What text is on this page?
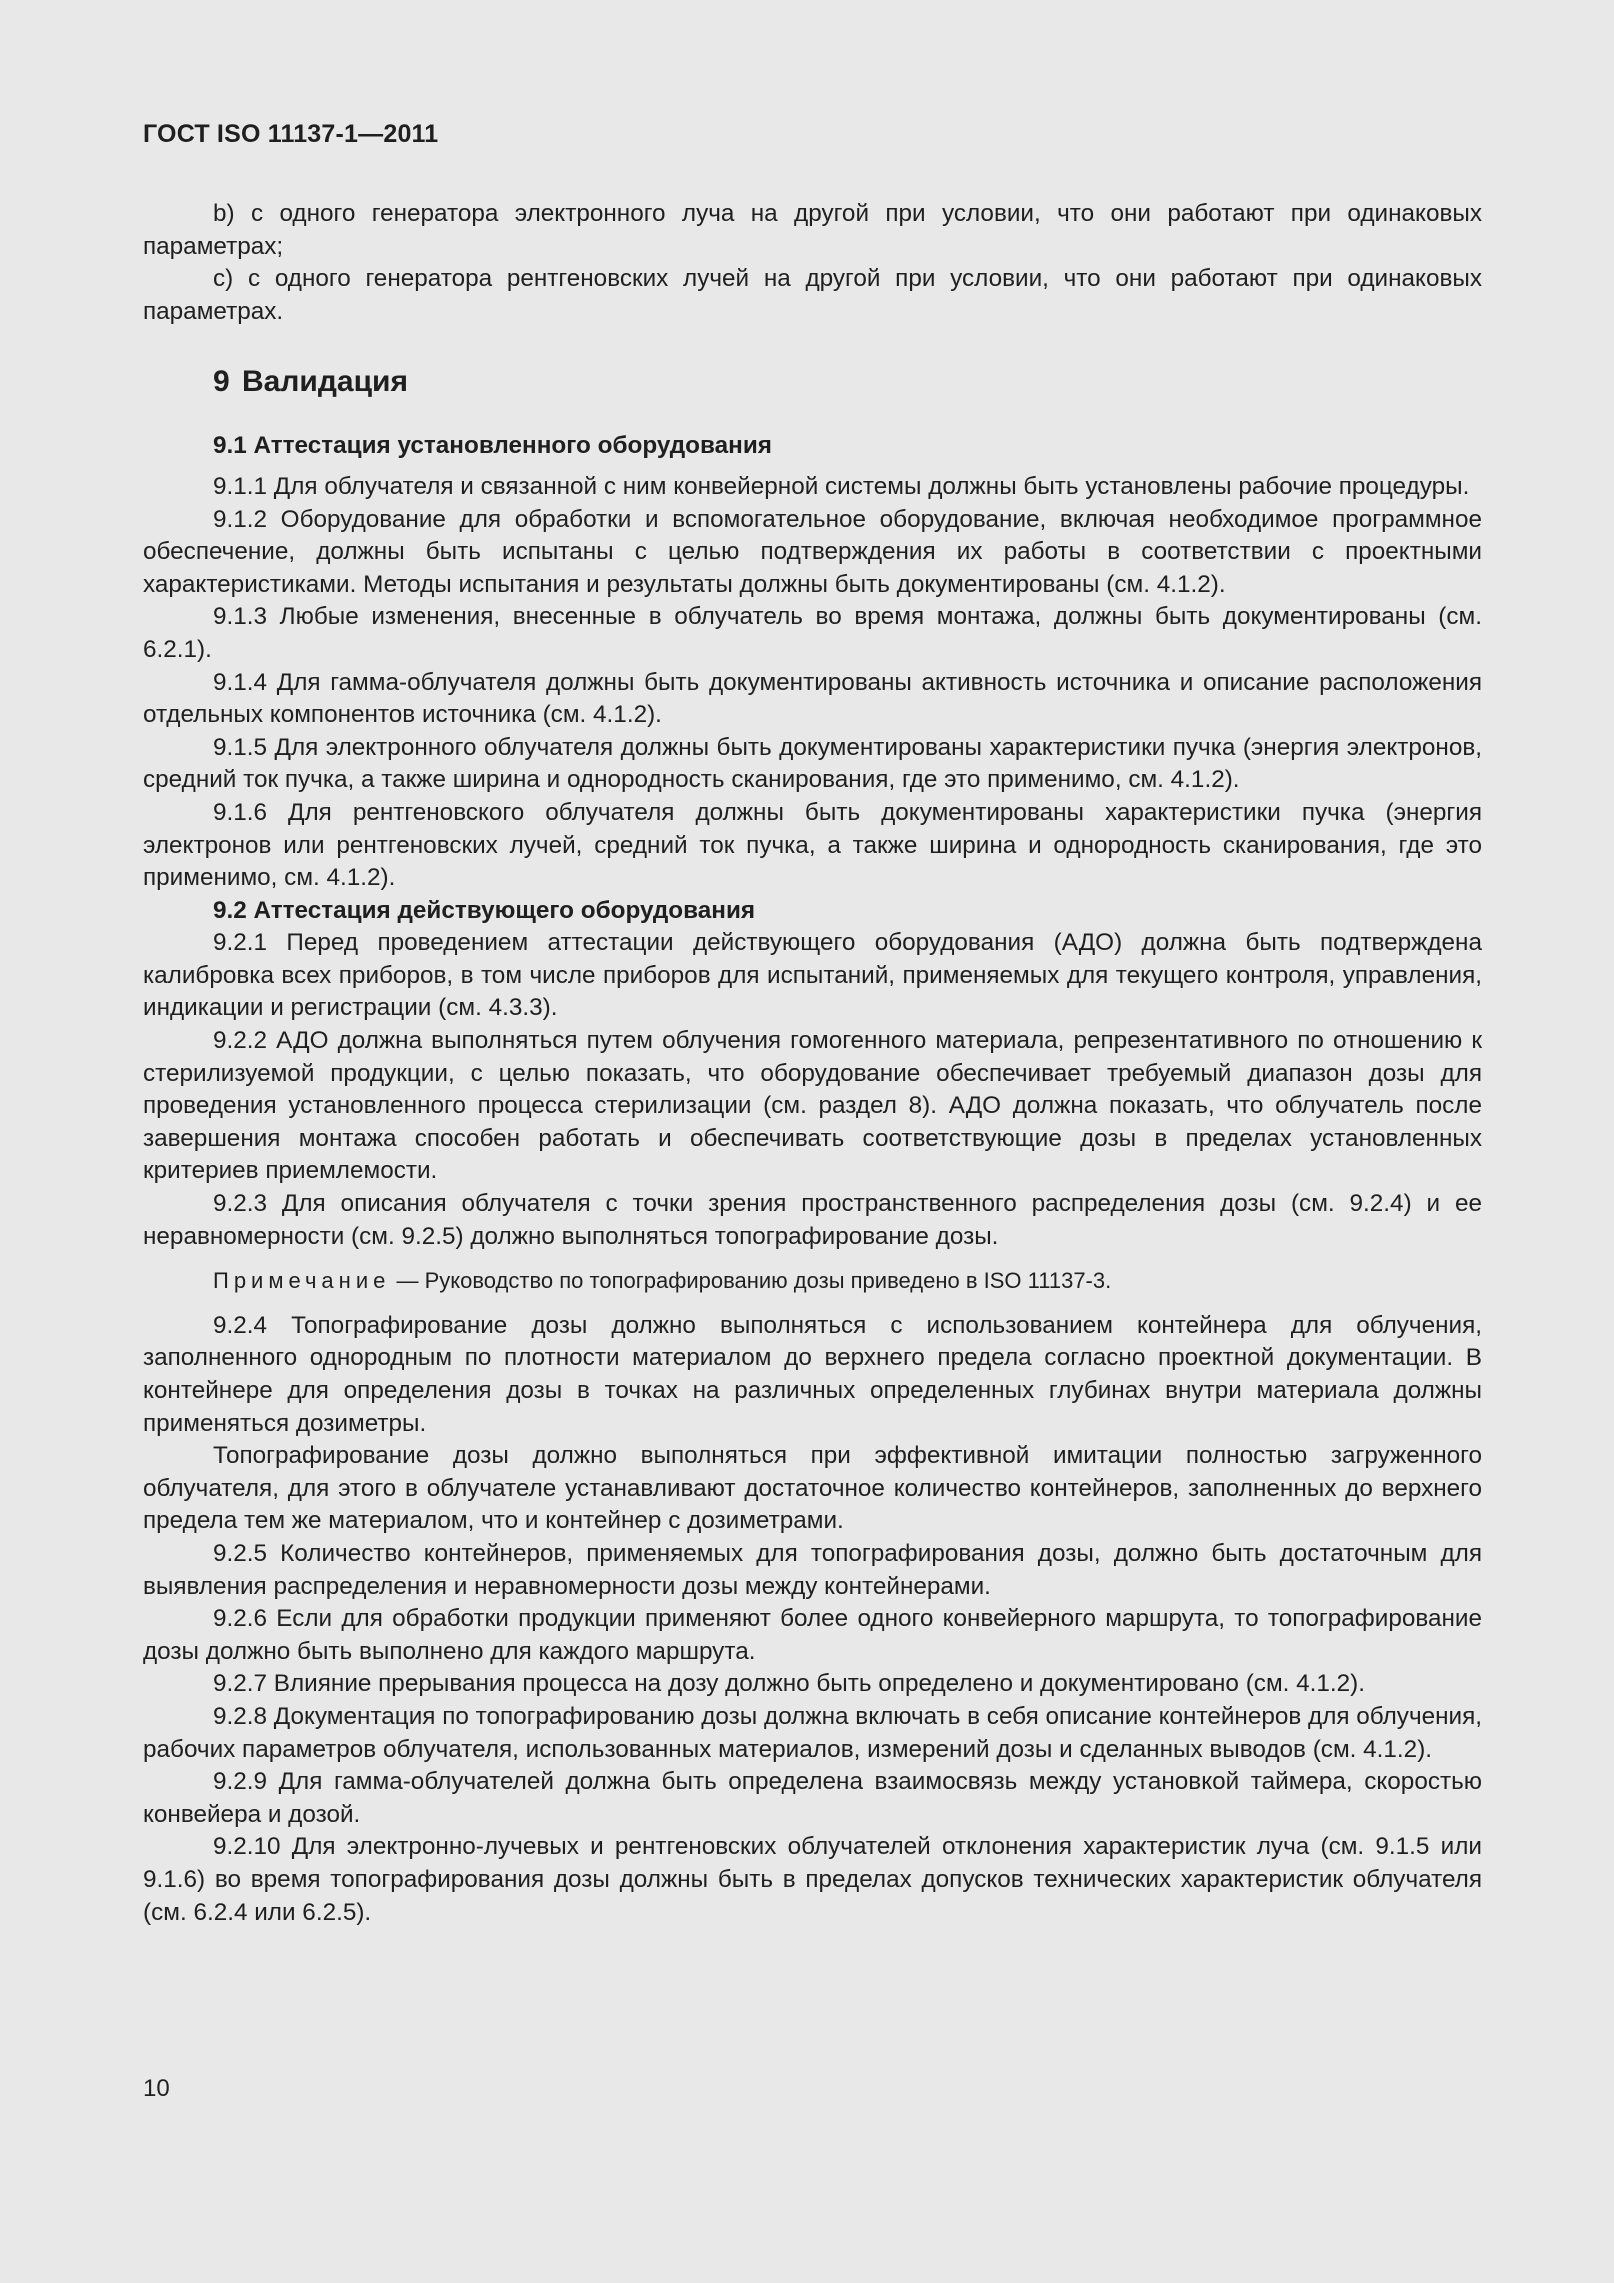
ГОСТ ISO 11137-1—2011

b) с одного генератора электронного луча на другой при условии, что они работают при одинаковых параметрах;

с) с одного генератора рентгеновских лучей на другой при условии, что они работают при одинаковых параметрах.

9 Валидация
9.1 Аттестация установленного оборудования

9.1.1 Для облучателя и связанной с ним конвейерной системы должны быть установлены рабочие процедуры.

9.1.2 Оборудование для обработки и вспомогательное оборудование, включая необходимое программное обеспечение, должны быть испытаны с целью подтверждения их работы в соответствии с проектными характеристиками. Методы испытания и результаты должны быть документированы (см. 4.1.2).

9.1.3 Любые изменения, внесенные в облучатель во время монтажа, должны быть документированы (см. 6.2.1).

9.1.4 Для гамма-облучателя должны быть документированы активность источника и описание расположения отдельных компонентов источника (см. 4.1.2).

9.1.5 Для электронного облучателя должны быть документированы характеристики пучка (энергия электронов, средний ток пучка, а также ширина и однородность сканирования, где это применимо, см. 4.1.2).

9.1.6 Для рентгеновского облучателя должны быть документированы характеристики пучка (энергия электронов или рентгеновских лучей, средний ток пучка, а также ширина и однородность сканирования, где это применимо, см. 4.1.2).

9.2 Аттестация действующего оборудования

9.2.1 Перед проведением аттестации действующего оборудования (АДО) должна быть подтверждена калибровка всех приборов, в том числе приборов для испытаний, применяемых для текущего контроля, управления, индикации и регистрации (см. 4.3.3).

9.2.2 АДО должна выполняться путем облучения гомогенного материала, репрезентативного по отношению к стерилизуемой продукции, с целью показать, что оборудование обеспечивает требуемый диапазон дозы для проведения установленного процесса стерилизации (см. раздел 8). АДО должна показать, что облучатель после завершения монтажа способен работать и обеспечивать соответствующие дозы в пределах установленных критериев приемлемости.

9.2.3 Для описания облучателя с точки зрения пространственного распределения дозы (см. 9.2.4) и ее неравномерности (см. 9.2.5) должно выполняться топографирование дозы.

Примечание — Руководство по топографированию дозы приведено в ISO 11137-3.

9.2.4 Топографирование дозы должно выполняться с использованием контейнера для облучения, заполненного однородным по плотности материалом до верхнего предела согласно проектной документации. В контейнере для определения дозы в точках на различных определенных глубинах внутри материала должны применяться дозиметры.

Топографирование дозы должно выполняться при эффективной имитации полностью загруженного облучателя, для этого в облучателе устанавливают достаточное количество контейнеров, заполненных до верхнего предела тем же материалом, что и контейнер с дозиметрами.

9.2.5 Количество контейнеров, применяемых для топографирования дозы, должно быть достаточным для выявления распределения и неравномерности дозы между контейнерами.

9.2.6 Если для обработки продукции применяют более одного конвейерного маршрута, то топографирование дозы должно быть выполнено для каждого маршрута.

9.2.7 Влияние прерывания процесса на дозу должно быть определено и документировано (см. 4.1.2).

9.2.8 Документация по топографированию дозы должна включать в себя описание контейнеров для облучения, рабочих параметров облучателя, использованных материалов, измерений дозы и сделанных выводов (см. 4.1.2).

9.2.9 Для гамма-облучателей должна быть определена взаимосвязь между установкой таймера, скоростью конвейера и дозой.

9.2.10 Для электронно-лучевых и рентгеновских облучателей отклонения характеристик луча (см. 9.1.5 или 9.1.6) во время топографирования дозы должны быть в пределах допусков технических характеристик облучателя (см. 6.2.4 или 6.2.5).

10
